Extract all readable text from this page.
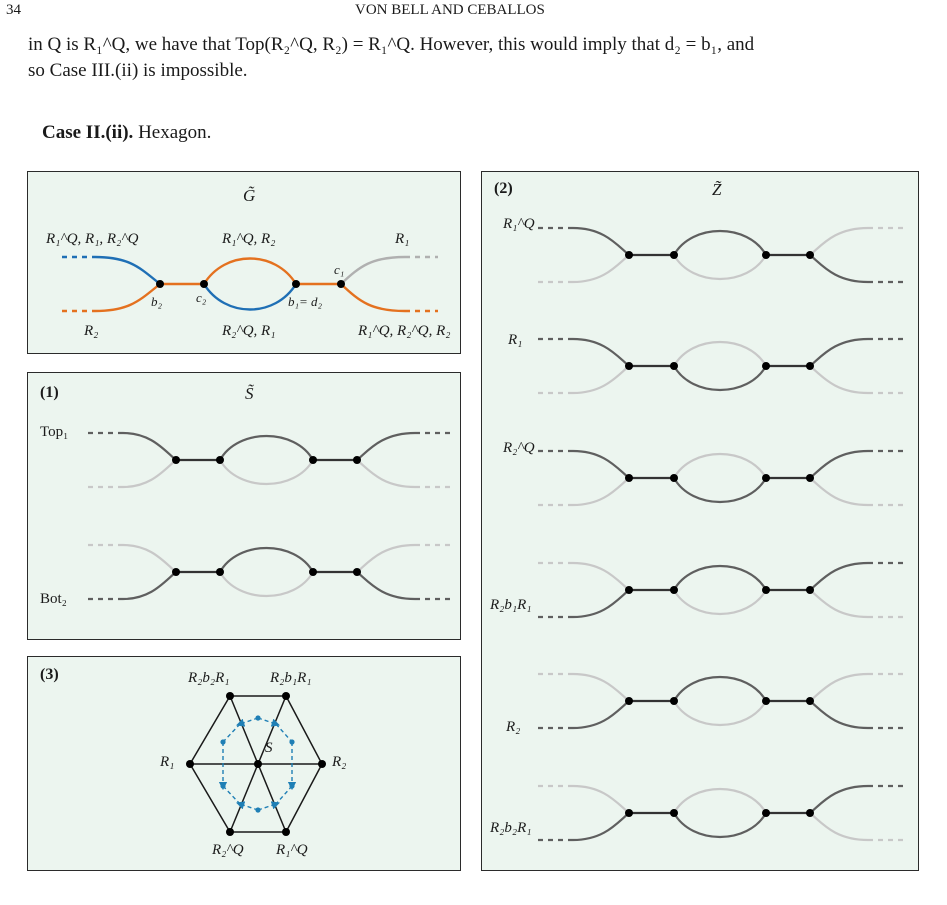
34	VON BELL AND CEBALLOS
in Q is R₁^Q, we have that Top(R₂^Q, R₂) = R₁^Q. However, this would imply that d₂ = b₁, and
so Case III.(ii) is impossible.
Case II.(ii). Hexagon.
G̃
R₁^Q, R₁, R₂^Q	R₁^Q, R₂	R₁
R₂	R₂^Q, R₁	R₁^Q, R₂^Q, R₂
b₂	c₂	b₁= d₂
c₁
(1)	S̃
Top₁
Bot₂
(3)	R₂b₂R₁	R₂b₁R₁
R₁	R₂
S
R₂^Q R₁^Q
(2)	Z̃
R₁^Q
R₁
R₂^Q
R₂b₁R₁
R₂
R₂b₂R₁
